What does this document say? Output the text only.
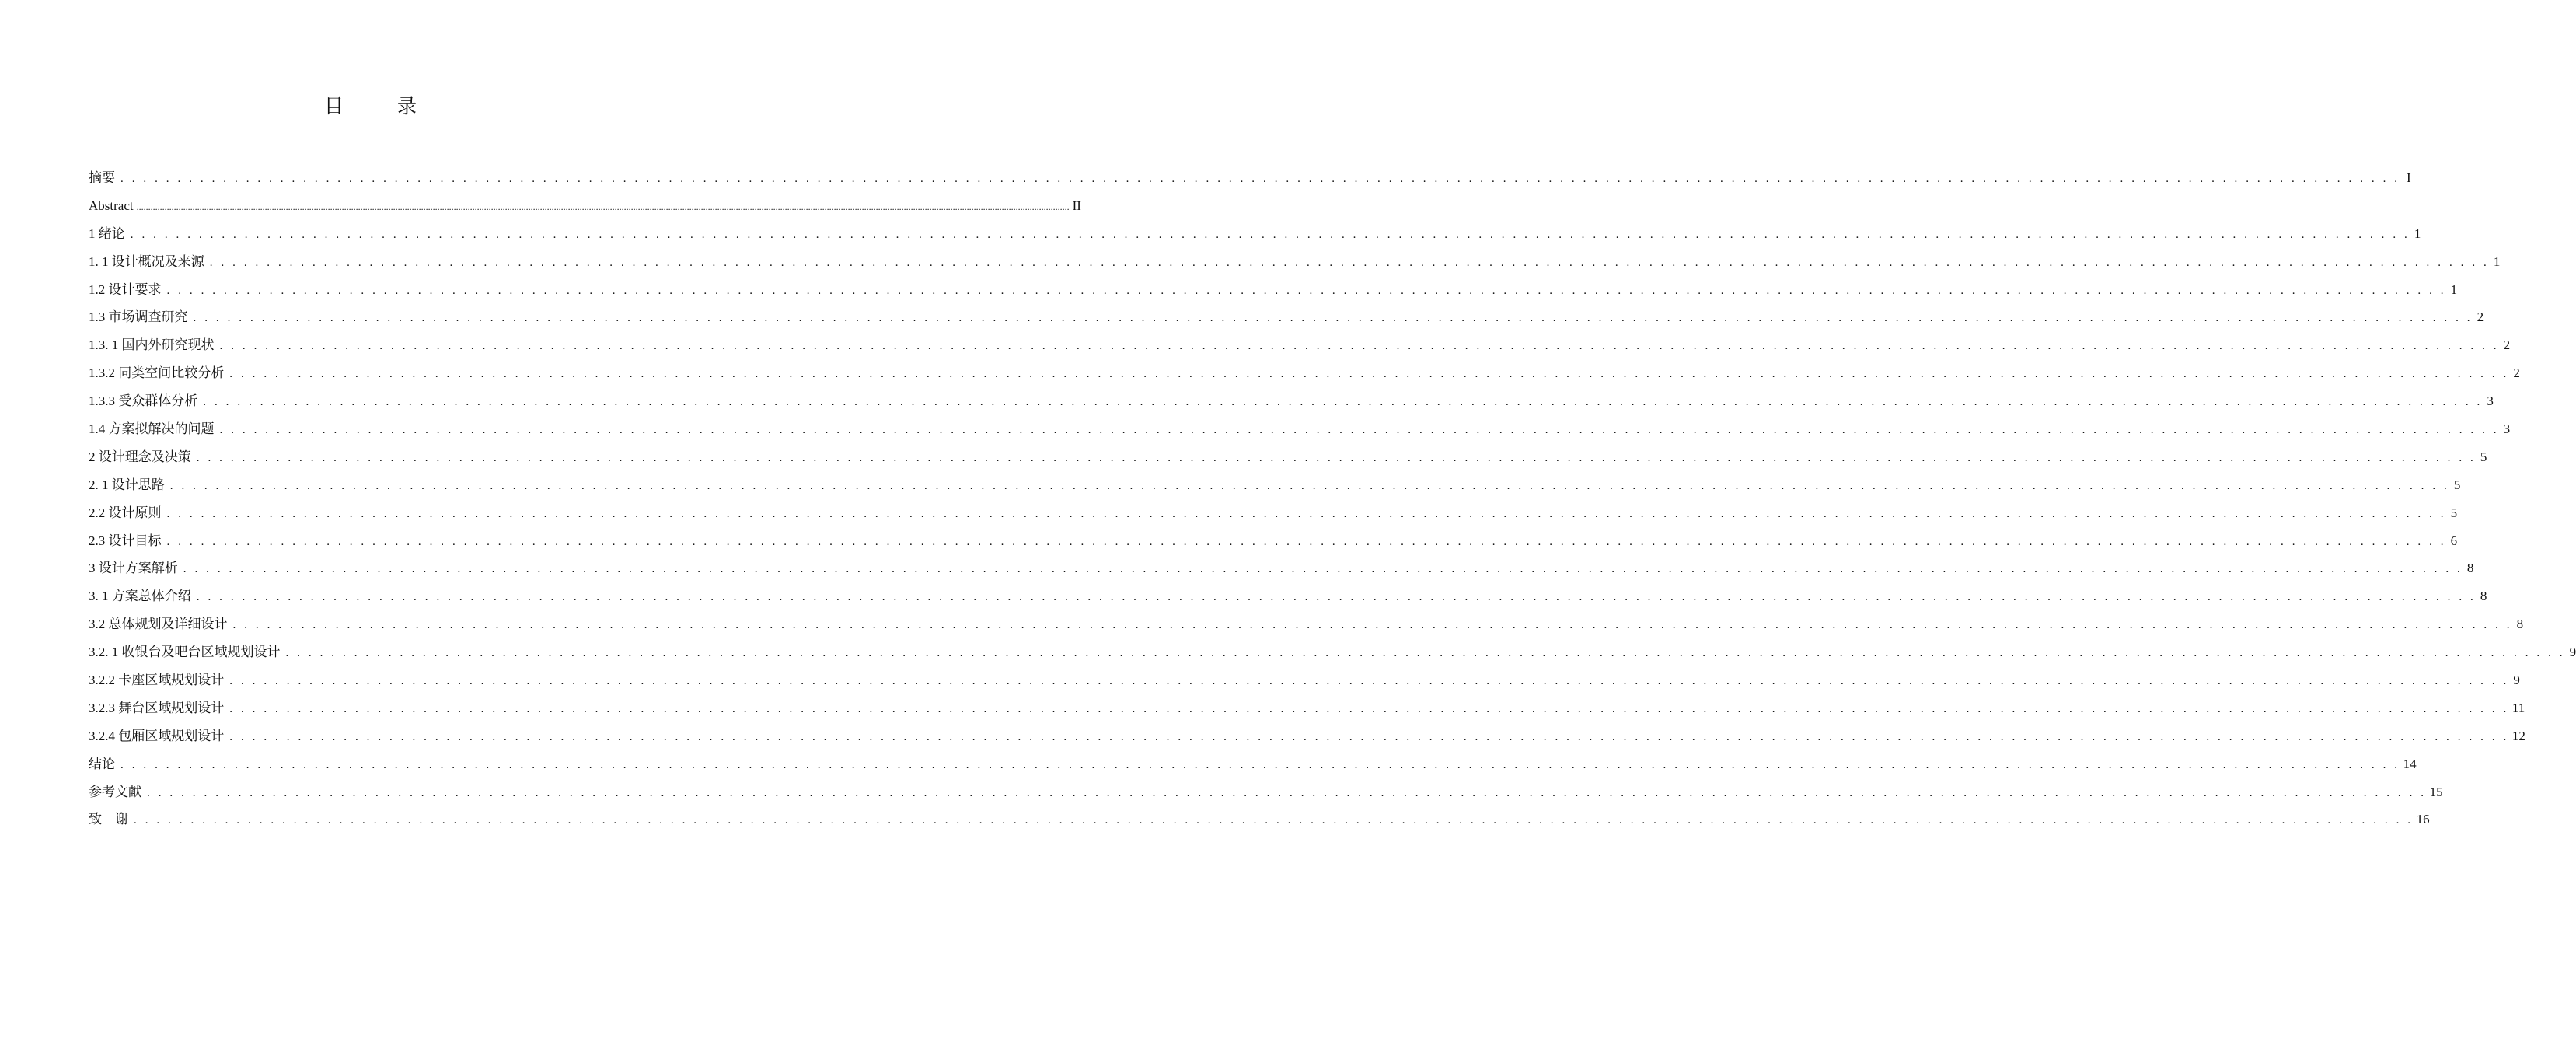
目　录
摘要 . . . . . . . . . . . . . . . . . . . . . . . . . . . . . . . . . . . . . . . . . . . . . . . . . . . . . . . . . . . . . . . . . . . . . . . . . . . . . . . . . . . . . . . . . . . . . . . . . . . . . . . . . . . . . . . . . . . . . . . . . . . . . . . . . . . . . . . . . . . . . . . . . . . . . . . . . . . . . . . . . . . . . . . . . . . . . . . . . . . . . . . . . . . . . . . . . . . . . . . . I
Abstract ................................................................................................................................................................................................................................................................................................................................................................................................................ II
1 绪论 . . . . . . . . . . . . . . . . . . . . . . . . . . . . . . . . . . . . . . . . . . . . . . . . . . . . . . . . . . . . . . . . . . . . . . . . . . . . . . . . . . . . . . . . . . . . . . . . . . . . . . . . . . . . . . . . . . . . . . . . . . . . . . . . . . . . . . . . . . . . . . . . . . . . . . . . . . . . . . . . . . . . . . . . . . . . . . . . . . . . . . . . . . . . . . . . . . . . . . . . 1
1. 1 设计概况及来源 . . . . . . . . . . . . . . . . . . . . . . . . . . . . . . . . . . . . . . . . . . . . . . . . . . . . . . . . . . . . . . . . . . . . . . . . . . . . . . . . . . . . . . . . . . . . . . . . . . . . . . . . . . . . . . . . . . . . . . . . . . . . . . . . . . . . . . . . . . . . . . . . . . . . . . . . . . . . . . . . . . . . . . . . . . . . . . . . . . . . . . . . . . . . . . . . . . . . . . . . 1
1.2 设计要求 . . . . . . . . . . . . . . . . . . . . . . . . . . . . . . . . . . . . . . . . . . . . . . . . . . . . . . . . . . . . . . . . . . . . . . . . . . . . . . . . . . . . . . . . . . . . . . . . . . . . . . . . . . . . . . . . . . . . . . . . . . . . . . . . . . . . . . . . . . . . . . . . . . . . . . . . . . . . . . . . . . . . . . . . . . . . . . . . . . . . . . . . . . . . . . . . . . . . . . . . 1
1.3 市场调查研究 . . . . . . . . . . . . . . . . . . . . . . . . . . . . . . . . . . . . . . . . . . . . . . . . . . . . . . . . . . . . . . . . . . . . . . . . . . . . . . . . . . . . . . . . . . . . . . . . . . . . . . . . . . . . . . . . . . . . . . . . . . . . . . . . . . . . . . . . . . . . . . . . . . . . . . . . . . . . . . . . . . . . . . . . . . . . . . . . . . . . . . . . . . . . . . . . . . . . . . . . 2
1.3. 1 国内外研究现状 . . . . . . . . . . . . . . . . . . . . . . . . . . . . . . . . . . . . . . . . . . . . . . . . . . . . . . . . . . . . . . . . . . . . . . . . . . . . . . . . . . . . . . . . . . . . . . . . . . . . . . . . . . . . . . . . . . . . . . . . . . . . . . . . . . . . . . . . . . . . . . . . . . . . . . . . . . . . . . . . . . . . . . . . . . . . . . . . . . . . . . . . . . . . . . . . . . . . . . . . 2
1.3.2 同类空间比较分析 . . . . . . . . . . . . . . . . . . . . . . . . . . . . . . . . . . . . . . . . . . . . . . . . . . . . . . . . . . . . . . . . . . . . . . . . . . . . . . . . . . . . . . . . . . . . . . . . . . . . . . . . . . . . . . . . . . . . . . . . . . . . . . . . . . . . . . . . . . . . . . . . . . . . . . . . . . . . . . . . . . . . . . . . . . . . . . . . . . . . . . . . . . . . . . . . . . . . . . . . 2
1.3.3 受众群体分析 . . . . . . . . . . . . . . . . . . . . . . . . . . . . . . . . . . . . . . . . . . . . . . . . . . . . . . . . . . . . . . . . . . . . . . . . . . . . . . . . . . . . . . . . . . . . . . . . . . . . . . . . . . . . . . . . . . . . . . . . . . . . . . . . . . . . . . . . . . . . . . . . . . . . . . . . . . . . . . . . . . . . . . . . . . . . . . . . . . . . . . . . . . . . . . . . . . . . . . . . 3
1.4 方案拟解决的问题 . . . . . . . . . . . . . . . . . . . . . . . . . . . . . . . . . . . . . . . . . . . . . . . . . . . . . . . . . . . . . . . . . . . . . . . . . . . . . . . . . . . . . . . . . . . . . . . . . . . . . . . . . . . . . . . . . . . . . . . . . . . . . . . . . . . . . . . . . . . . . . . . . . . . . . . . . . . . . . . . . . . . . . . . . . . . . . . . . . . . . . . . . . . . . . . . . . . . . . . . 3
2 设计理念及决策 . . . . . . . . . . . . . . . . . . . . . . . . . . . . . . . . . . . . . . . . . . . . . . . . . . . . . . . . . . . . . . . . . . . . . . . . . . . . . . . . . . . . . . . . . . . . . . . . . . . . . . . . . . . . . . . . . . . . . . . . . . . . . . . . . . . . . . . . . . . . . . . . . . . . . . . . . . . . . . . . . . . . . . . . . . . . . . . . . . . . . . . . . . . . . . . . . . . . . . . . 5
2. 1 设计思路 . . . . . . . . . . . . . . . . . . . . . . . . . . . . . . . . . . . . . . . . . . . . . . . . . . . . . . . . . . . . . . . . . . . . . . . . . . . . . . . . . . . . . . . . . . . . . . . . . . . . . . . . . . . . . . . . . . . . . . . . . . . . . . . . . . . . . . . . . . . . . . . . . . . . . . . . . . . . . . . . . . . . . . . . . . . . . . . . . . . . . . . . . . . . . . . . . . . . . . . . 5
2.2 设计原则 . . . . . . . . . . . . . . . . . . . . . . . . . . . . . . . . . . . . . . . . . . . . . . . . . . . . . . . . . . . . . . . . . . . . . . . . . . . . . . . . . . . . . . . . . . . . . . . . . . . . . . . . . . . . . . . . . . . . . . . . . . . . . . . . . . . . . . . . . . . . . . . . . . . . . . . . . . . . . . . . . . . . . . . . . . . . . . . . . . . . . . . . . . . . . . . . . . . . . . . . 5
2.3 设计目标 . . . . . . . . . . . . . . . . . . . . . . . . . . . . . . . . . . . . . . . . . . . . . . . . . . . . . . . . . . . . . . . . . . . . . . . . . . . . . . . . . . . . . . . . . . . . . . . . . . . . . . . . . . . . . . . . . . . . . . . . . . . . . . . . . . . . . . . . . . . . . . . . . . . . . . . . . . . . . . . . . . . . . . . . . . . . . . . . . . . . . . . . . . . . . . . . . . . . . . . . 6
3 设计方案解析 . . . . . . . . . . . . . . . . . . . . . . . . . . . . . . . . . . . . . . . . . . . . . . . . . . . . . . . . . . . . . . . . . . . . . . . . . . . . . . . . . . . . . . . . . . . . . . . . . . . . . . . . . . . . . . . . . . . . . . . . . . . . . . . . . . . . . . . . . . . . . . . . . . . . . . . . . . . . . . . . . . . . . . . . . . . . . . . . . . . . . . . . . . . . . . . . . . . . . . . . 8
3. 1 方案总体介绍 . . . . . . . . . . . . . . . . . . . . . . . . . . . . . . . . . . . . . . . . . . . . . . . . . . . . . . . . . . . . . . . . . . . . . . . . . . . . . . . . . . . . . . . . . . . . . . . . . . . . . . . . . . . . . . . . . . . . . . . . . . . . . . . . . . . . . . . . . . . . . . . . . . . . . . . . . . . . . . . . . . . . . . . . . . . . . . . . . . . . . . . . . . . . . . . . . . . . . . . . 8
3.2 总体规划及详细设计 . . . . . . . . . . . . . . . . . . . . . . . . . . . . . . . . . . . . . . . . . . . . . . . . . . . . . . . . . . . . . . . . . . . . . . . . . . . . . . . . . . . . . . . . . . . . . . . . . . . . . . . . . . . . . . . . . . . . . . . . . . . . . . . . . . . . . . . . . . . . . . . . . . . . . . . . . . . . . . . . . . . . . . . . . . . . . . . . . . . . . . . . . . . . . . . . . . . . . . . . 8
3.2. 1 收银台及吧台区域规划设计 . . . . . . . . . . . . . . . . . . . . . . . . . . . . . . . . . . . . . . . . . . . . . . . . . . . . . . . . . . . . . . . . . . . . . . . . . . . . . . . . . . . . . . . . . . . . . . . . . . . . . . . . . . . . . . . . . . . . . . . . . . . . . . . . . . . . . . . . . . . . . . . . . . . . . . . . . . . . . . . . . . . . . . . . . . . . . . . . . . . . . . . . . . . . . . . . . . . . . . . . 9
3.2.2 卡座区域规划设计 . . . . . . . . . . . . . . . . . . . . . . . . . . . . . . . . . . . . . . . . . . . . . . . . . . . . . . . . . . . . . . . . . . . . . . . . . . . . . . . . . . . . . . . . . . . . . . . . . . . . . . . . . . . . . . . . . . . . . . . . . . . . . . . . . . . . . . . . . . . . . . . . . . . . . . . . . . . . . . . . . . . . . . . . . . . . . . . . . . . . . . . . . . . . . . . . . . . . . . . . 9
3.2.3 舞台区域规划设计 . . . . . . . . . . . . . . . . . . . . . . . . . . . . . . . . . . . . . . . . . . . . . . . . . . . . . . . . . . . . . . . . . . . . . . . . . . . . . . . . . . . . . . . . . . . . . . . . . . . . . . . . . . . . . . . . . . . . . . . . . . . . . . . . . . . . . . . . . . . . . . . . . . . . . . . . . . . . . . . . . . . . . . . . . . . . . . . . . . . . . . . . . . . . . . . . . . . . . . . . 11
3.2.4 包厢区域规划设计 . . . . . . . . . . . . . . . . . . . . . . . . . . . . . . . . . . . . . . . . . . . . . . . . . . . . . . . . . . . . . . . . . . . . . . . . . . . . . . . . . . . . . . . . . . . . . . . . . . . . . . . . . . . . . . . . . . . . . . . . . . . . . . . . . . . . . . . . . . . . . . . . . . . . . . . . . . . . . . . . . . . . . . . . . . . . . . . . . . . . . . . . . . . . . . . . . . . . . . . . 12
结论 . . . . . . . . . . . . . . . . . . . . . . . . . . . . . . . . . . . . . . . . . . . . . . . . . . . . . . . . . . . . . . . . . . . . . . . . . . . . . . . . . . . . . . . . . . . . . . . . . . . . . . . . . . . . . . . . . . . . . . . . . . . . . . . . . . . . . . . . . . . . . . . . . . . . . . . . . . . . . . . . . . . . . . . . . . . . . . . . . . . . . . . . . . . . . . . . . . . . . . . . 14
参考文献 . . . . . . . . . . . . . . . . . . . . . . . . . . . . . . . . . . . . . . . . . . . . . . . . . . . . . . . . . . . . . . . . . . . . . . . . . . . . . . . . . . . . . . . . . . . . . . . . . . . . . . . . . . . . . . . . . . . . . . . . . . . . . . . . . . . . . . . . . . . . . . . . . . . . . . . . . . . . . . . . . . . . . . . . . . . . . . . . . . . . . . . . . . . . . . . . . . . . . . . . 15
致　谢 . . . . . . . . . . . . . . . . . . . . . . . . . . . . . . . . . . . . . . . . . . . . . . . . . . . . . . . . . . . . . . . . . . . . . . . . . . . . . . . . . . . . . . . . . . . . . . . . . . . . . . . . . . . . . . . . . . . . . . . . . . . . . . . . . . . . . . . . . . . . . . . . . . . . . . . . . . . . . . . . . . . . . . . . . . . . . . . . . . . . . . . . . . . . . . . . . . . . . . . . 16
